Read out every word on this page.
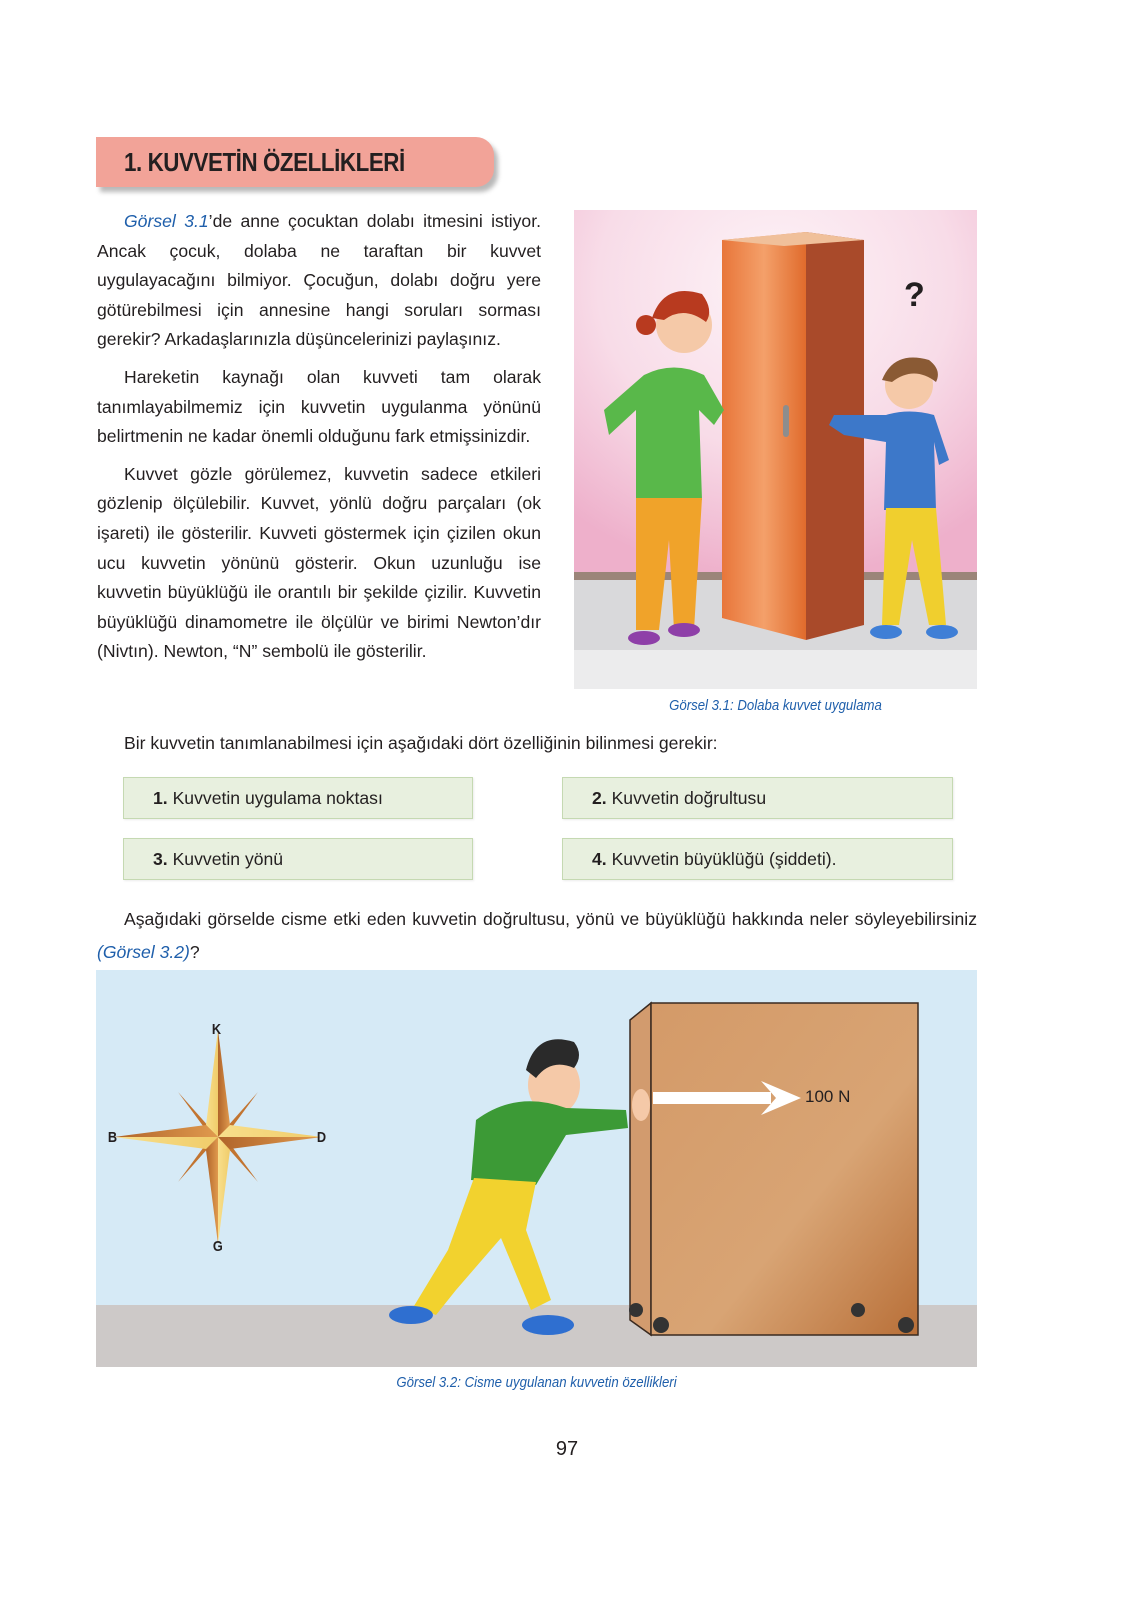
1. KUVVETİN ÖZELLİKLERİ

Görsel 3.1’de anne çocuktan dolabı itmesini istiyor. Ancak çocuk, dolaba ne taraftan bir kuvvet uygulayacağını bilmiyor. Çocuğun, dolabı doğru yere götürebilmesi için annesine hangi soruları sorması gerekir? Arkadaşlarınızla düşüncelerinizi paylaşınız.

Hareketin kaynağı olan kuvveti tam olarak tanımlayabilmemiz için kuvvetin uygulanma yönünü belirtmenin ne kadar önemli olduğunu fark etmişsinizdir.

Kuvvet gözle görülemez, kuvvetin sadece etkileri gözlenip ölçülebilir. Kuvvet, yönlü doğru parçaları (ok işareti) ile gösterilir. Kuvveti göstermek için çizilen okun ucu kuvvetin yönünü gösterir. Okun uzunluğu ise kuvvetin büyüklüğü ile orantılı bir şekilde çizilir. Kuvvetin büyüklüğü dinamometre ile ölçülür ve birimi Newton’dır (Nivtın). Newton, “N” sembolü ile gösterilir.

?
Görsel 3.1: Dolaba kuvvet uygulama
Bir kuvvetin tanımlanabilmesi için aşağıdaki dört özelliğinin bilinmesi gerekir:
1. Kuvvetin uygulama noktası	2. Kuvvetin doğrultusu
3. Kuvvetin yönü	4. Kuvvetin büyüklüğü (şiddeti).
Aşağıdaki görselde cisme etki eden kuvvetin doğrultusu, yönü ve büyüklüğü hakkında neler söyleyebilirsiniz (Görsel 3.2)?
K
G
B	D
100 N
Görsel 3.2: Cisme uygulanan kuvvetin özellikleri
97
